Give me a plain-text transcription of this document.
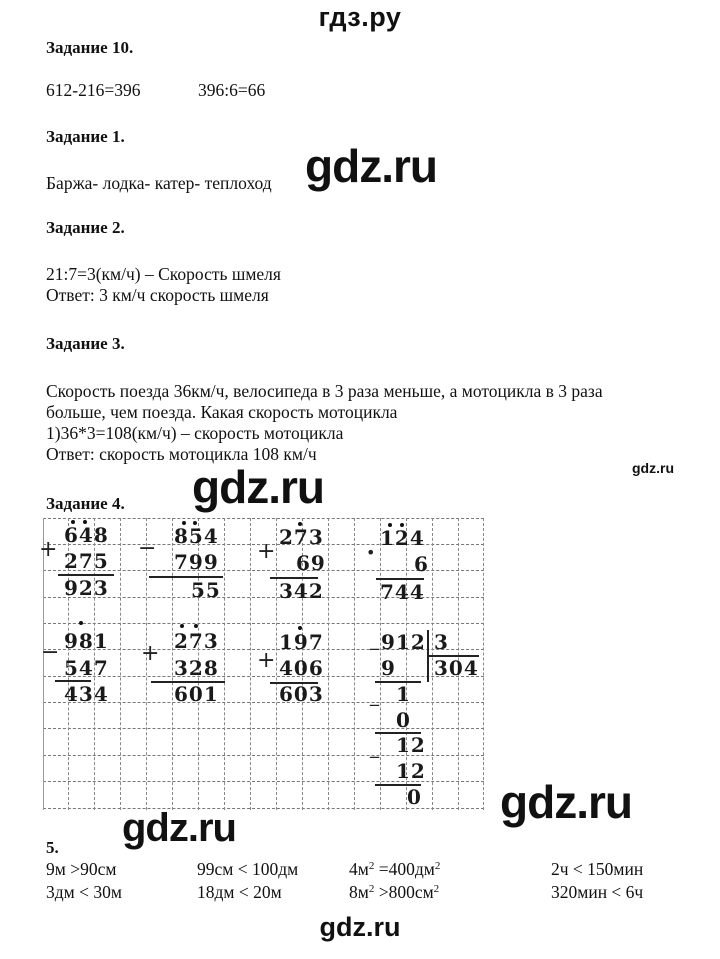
гдз.ру
Задание 10.
612-216=396	396:6=66
Задание 1.
Баржа- лодка- катер- теплоход gdz.ru
Задание 2.
21:7=3(км/ч) – Скорость шмеля
Ответ: 3 км/ч скорость шмеля
Задание 3.
Скорость поезда 36км/ч, велосипеда в 3 раза меньше, а мотоцикла в 3 раза
больше, чем поезда. Какая скорость мотоцикла
1)36*3=108(км/ч) – скорость мотоцикла
Ответ: скорость мотоцикла 108 км/ч
gdz.ru
Задание 4. gdz.ru
648
+ 275
923
854
−
799
55
273
+ 69
342
124
• 6
744
981
−
547
434
273
+
328
601
197
+ 406
603
_ 912 3
304
9
_ 1
0
_ 12
12
0 gdz.ru
gdz.ru
5.
9м >90см	99см < 100дм	$4м^2 =400дм^2$	2ч < 150мин
3дм < 30м	18дм < 20м	$8м^2 >800см^2$	320мин < 6ч
gdz.ru
